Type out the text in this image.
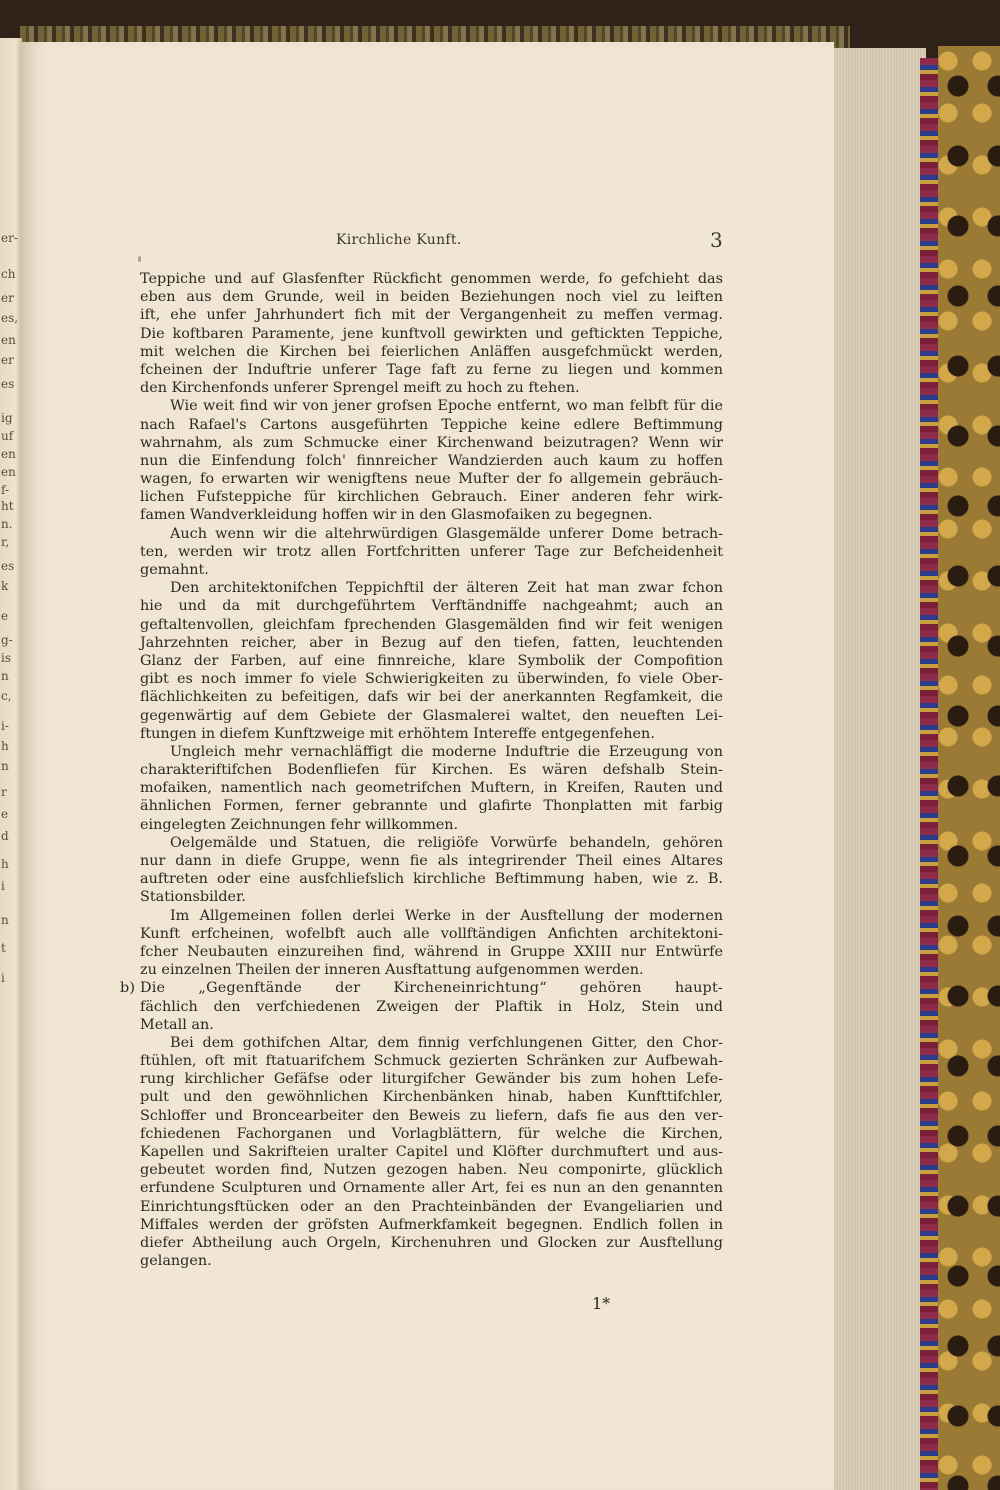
er-
ch
er
es,
en
er
es
ig
uf
en
en
f-
ht
n.
r,
es
k
e
g-
is
n
c,
i-
h
n
r
e
d
h
i
n
t
i
Kirchliche Kunft.	3
Teppiche und auf Glasfenfter Rückficht genommen werde, fo gefchieht das
eben aus dem Grunde, weil in beiden Beziehungen noch viel zu leiften
ift, ehe unfer Jahrhundert fich mit der Vergangenheit zu meffen vermag.
Die koftbaren Paramente, jene kunftvoll gewirkten und geftickten Teppiche,
mit welchen die Kirchen bei feierlichen Anläffen ausgefchmückt werden,
fcheinen der Induftrie unferer Tage faft zu ferne zu liegen und kommen
den Kirchenfonds unferer Sprengel meift zu hoch zu ftehen.
Wie weit find wir von jener grofsen Epoche entfernt, wo man felbft für die
nach Rafael's Cartons ausgeführten Teppiche keine edlere Beftimmung
wahrnahm, als zum Schmucke einer Kirchenwand beizutragen? Wenn wir
nun die Einfendung folch' finnreicher Wandzierden auch kaum zu hoffen
wagen, fo erwarten wir wenigftens neue Mufter der fo allgemein gebräuch-
lichen Fufsteppiche für kirchlichen Gebrauch. Einer anderen fehr wirk-
famen Wandverkleidung hoffen wir in den Glasmofaiken zu begegnen.
Auch wenn wir die altehrwürdigen Glasgemälde unferer Dome betrach-
ten, werden wir trotz allen Fortfchritten unferer Tage zur Befcheidenheit
gemahnt.
Den architektonifchen Teppichftil der älteren Zeit hat man zwar fchon
hie und da mit durchgeführtem Verftändniffe nachgeahmt; auch an
geftaltenvollen, gleichfam fprechenden Glasgemälden find wir feit wenigen
Jahrzehnten reicher, aber in Bezug auf den tiefen, fatten, leuchtenden
Glanz der Farben, auf eine finnreiche, klare Symbolik der Compofition
gibt es noch immer fo viele Schwierigkeiten zu überwinden, fo viele Ober-
flächlichkeiten zu befeitigen, dafs wir bei der anerkannten Regfamkeit, die
gegenwärtig auf dem Gebiete der Glasmalerei waltet, den neueften Lei-
ftungen in diefem Kunftzweige mit erhöhtem Intereffe entgegenfehen.
Ungleich mehr vernachläffigt die moderne Induftrie die Erzeugung von
charakteriftifchen Bodenfliefen für Kirchen. Es wären defshalb Stein-
mofaiken, namentlich nach geometrifchen Muftern, in Kreifen, Rauten und
ähnlichen Formen, ferner gebrannte und glafirte Thonplatten mit farbig
eingelegten Zeichnungen fehr willkommen.
Oelgemälde und Statuen, die religiöfe Vorwürfe behandeln, gehören
nur dann in diefe Gruppe, wenn fie als integrirender Theil eines Altares
auftreten oder eine ausfchliefslich kirchliche Beftimmung haben, wie z. B.
Stationsbilder.
Im Allgemeinen follen derlei Werke in der Ausftellung der modernen
Kunft erfcheinen, wofelbft auch alle vollftändigen Anfichten architektoni-
fcher Neubauten einzureihen find, während in Gruppe XXIII nur Entwürfe
zu einzelnen Theilen der inneren Ausftattung aufgenommen werden.
b) Die „Gegenftände der Kircheneinrichtung“ gehören haupt-
fächlich den verfchiedenen Zweigen der Plaftik in Holz, Stein und
Metall an.
Bei dem gothifchen Altar, dem finnig verfchlungenen Gitter, den Chor-
ftühlen, oft mit ftatuarifchem Schmuck gezierten Schränken zur Aufbewah-
rung kirchlicher Gefäfse oder liturgifcher Gewänder bis zum hohen Lefe-
pult und den gewöhnlichen Kirchenbänken hinab, haben Kunfttifchler,
Schloffer und Broncearbeiter den Beweis zu liefern, dafs fie aus den ver-
fchiedenen Fachorganen und Vorlagblättern, für welche die Kirchen,
Kapellen und Sakrifteien uralter Capitel und Klöfter durchmuftert und aus-
gebeutet worden find, Nutzen gezogen haben. Neu componirte, glücklich
erfundene Sculpturen und Ornamente aller Art, fei es nun an den genannten
Einrichtungsftücken oder an den Prachteinbänden der Evangeliarien und
Miffales werden der gröfsten Aufmerkfamkeit begegnen. Endlich follen in
diefer Abtheilung auch Orgeln, Kirchenuhren und Glocken zur Ausftellung
gelangen.
1*
